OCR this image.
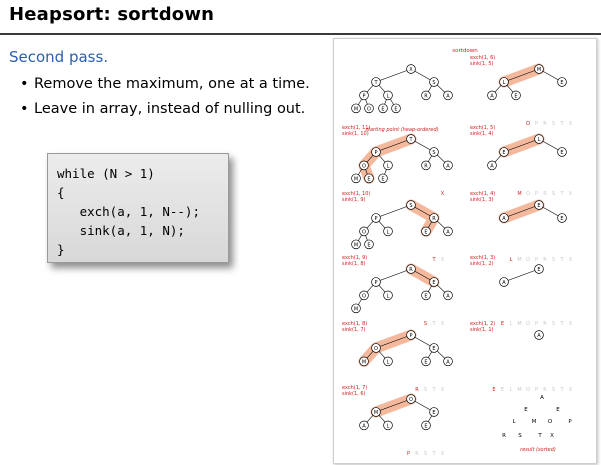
Heapsort: sortdown
Second pass.
• Remove the maximum, one at a time.
• Leave in array, instead of nulling out.
while (N > 1)
{
exch(a, 1, N--);
sink(a, 1, N);
}
sortdown
X
T	S
P	L	R	A
M O E E
starting point (heap-ordered)
exch(1, 11)
sink(1, 10)
T
P	S
O	L	R	A
M E E
X
exch(1, 10)
sink(1, 9)
S
P	R
O	L	E	A
M E
T X
exch(1, 9)
sink(1, 8)
R
P	E
O	L	E	A
M
S T X
exch(1, 8)
sink(1, 7)
P
O	E
M	L	E	A
R S T X
exch(1, 7)
sink(1, 6)
O
M	E
A	L	E
P R S T X
exch(1, 6)
sink(1, 5)
M
L	E
A	E
O P R S T X
exch(1, 5)
sink(1, 4)
L
E	E
A
M O P R S T X
exch(1, 4)
sink(1, 3)
E
A	E
L M O P R S T X
exch(1, 3)
sink(1, 2)
E
A
E L M O P R S T X
exch(1, 2)
sink(1, 1)
A
E E L M O P R S T X
A
E	E
L	M O	P
R S	T X
result (sorted)
